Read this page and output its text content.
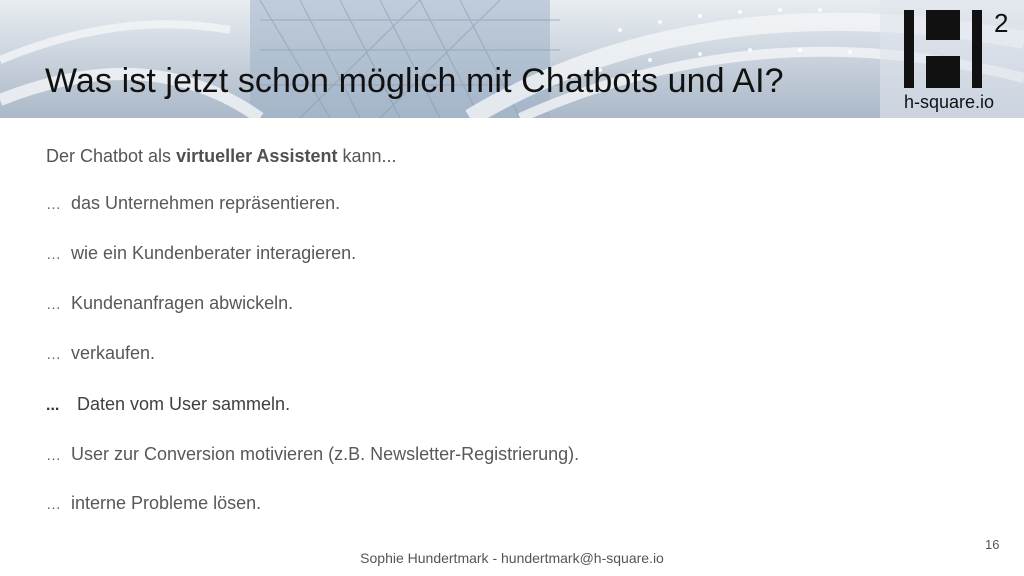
Was ist jetzt schon möglich mit Chatbots und AI?
2
h-square.io

Der Chatbot als virtueller Assistent kann...

… das Unternehmen repräsentieren.
… wie ein Kundenberater interagieren.
… Kundenanfragen abwickeln.
… verkaufen.
... Daten vom User sammeln.
… User zur Conversion motivieren (z.B. Newsletter-Registrierung).
… interne Probleme lösen.
16
Sophie Hundertmark - hundertmark@h-square.io
